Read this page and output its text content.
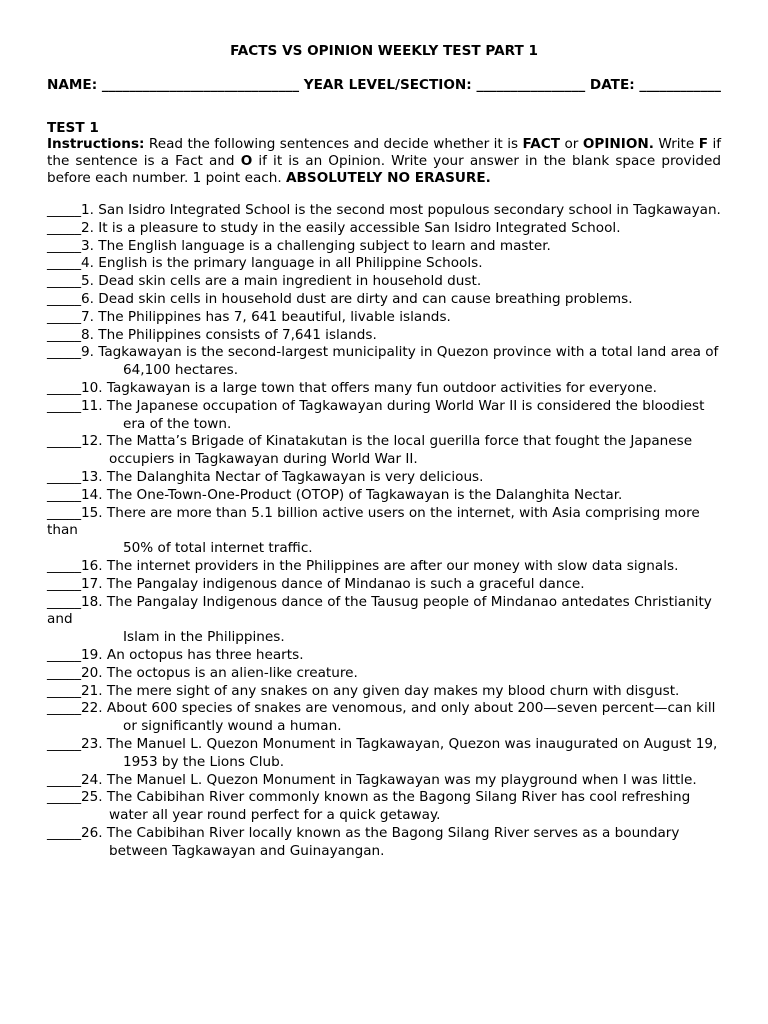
FACTS VS OPINION WEEKLY TEST PART 1
NAME: _____________________________ YEAR LEVEL/SECTION: ________________ DATE: ____________
TEST 1
Instructions: Read the following sentences and decide whether it is FACT or OPINION. Write F if the sentence is a Fact and O if it is an Opinion. Write your answer in the blank space provided before each number. 1 point each. ABSOLUTELY NO ERASURE.
_____1. San Isidro Integrated School is the second most populous secondary school in Tagkawayan.
_____2. It is a pleasure to study in the easily accessible San Isidro Integrated School.
_____3. The English language is a challenging subject to learn and master.
_____4. English is the primary language in all Philippine Schools.
_____5. Dead skin cells are a main ingredient in household dust.
_____6. Dead skin cells in household dust are dirty and can cause breathing problems.
_____7. The Philippines has 7, 641 beautiful, livable islands.
_____8. The Philippines consists of 7,641 islands.
_____9. Tagkawayan is the second-largest municipality in Quezon province with a total land area of
64,100 hectares.
_____10. Tagkawayan is a large town that offers many fun outdoor activities for everyone.
_____11. The Japanese occupation of Tagkawayan during World War II is considered the bloodiest
era of the town.
_____12. The Matta’s Brigade of Kinatakutan is the local guerilla force that fought the Japanese
occupiers in Tagkawayan during World War II.
_____13. The Dalanghita Nectar of Tagkawayan is very delicious.
_____14. The One-Town-One-Product (OTOP) of Tagkawayan is the Dalanghita Nectar.
_____15. There are more than 5.1 billion active users on the internet, with Asia comprising more than
50% of total internet traffic.
_____16. The internet providers in the Philippines are after our money with slow data signals.
_____17. The Pangalay indigenous dance of Mindanao is such a graceful dance.
_____18. The Pangalay Indigenous dance of the Tausug people of Mindanao antedates Christianity and
Islam in the Philippines.
_____19. An octopus has three hearts.
_____20. The octopus is an alien-like creature.
_____21. The mere sight of any snakes on any given day makes my blood churn with disgust.
_____22. About 600 species of snakes are venomous, and only about 200—seven percent—can kill
or significantly wound a human.
_____23. The Manuel L. Quezon Monument in Tagkawayan, Quezon was inaugurated on August 19,
1953 by the Lions Club.
_____24. The Manuel L. Quezon Monument in Tagkawayan was my playground when I was little.
_____25. The Cabibihan River commonly known as the Bagong Silang River has cool refreshing
water all year round perfect for a quick getaway.
_____26. The Cabibihan River locally known as the Bagong Silang River serves as a boundary
between Tagkawayan and Guinayangan.
